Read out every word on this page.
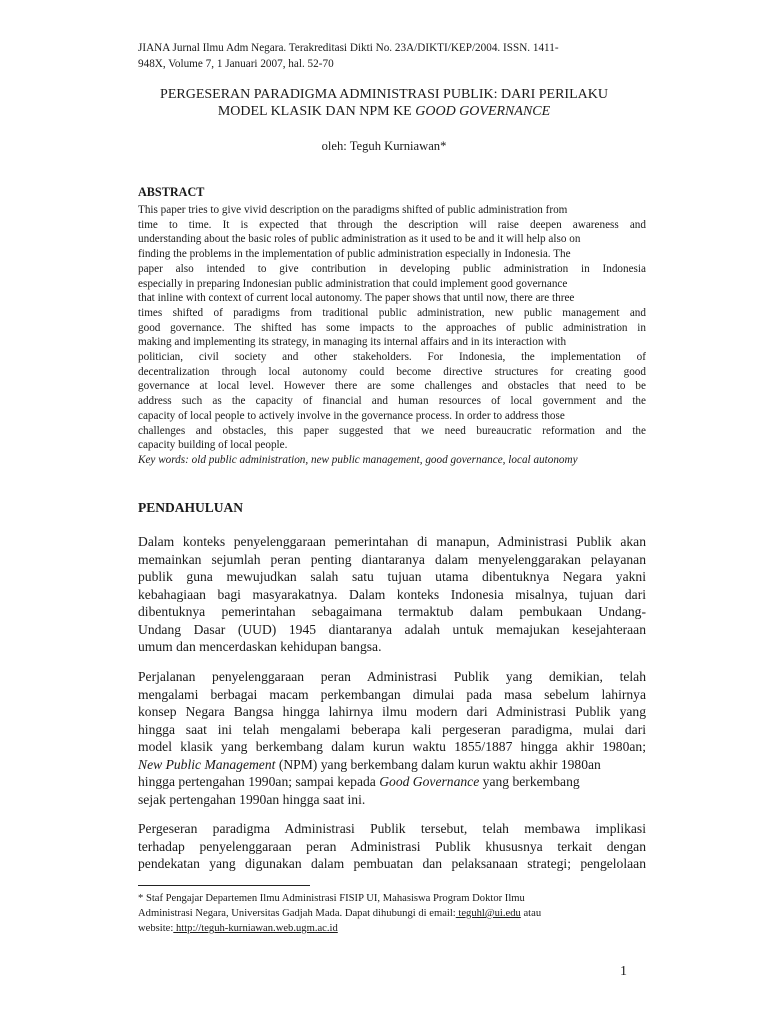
JIANA Jurnal Ilmu Adm Negara. Terakreditasi Dikti No. 23A/DIKTI/KEP/2004. ISSN. 1411-
948X, Volume 7, 1 Januari 2007, hal. 52-70
PERGESERAN PARADIGMA ADMINISTRASI PUBLIK: DARI PERILAKU
MODEL KLASIK DAN NPM KE GOOD GOVERNANCE
oleh: Teguh Kurniawan*
ABSTRACT
This paper tries to give vivid description on the paradigms shifted of public administration from
time to time. It is expected that through the description will raise deepen awareness and
understanding about the basic roles of public administration as it used to be and it will help also on
finding the problems in the implementation of public administration especially in Indonesia. The
paper also intended to give contribution in developing public administration in Indonesia
especially in preparing Indonesian public administration that could implement good governance
that inline with context of current local autonomy. The paper shows that until now, there are three
times shifted of paradigms from traditional public administration, new public management and
good governance. The shifted has some impacts to the approaches of public administration in
making and implementing its strategy, in managing its internal affairs and in its interaction with
politician, civil society and other stakeholders. For Indonesia, the implementation of
decentralization through local autonomy could become directive structures for creating good
governance at local level. However there are some challenges and obstacles that need to be
address such as the capacity of financial and human resources of local government and the
capacity of local people to actively involve in the governance process. In order to address those
challenges and obstacles, this paper suggested that we need bureaucratic reformation and the
capacity building of local people.
Key words: old public administration, new public management, good governance, local autonomy
PENDAHULUAN
Dalam konteks penyelenggaraan pemerintahan di manapun, Administrasi Publik akan
memainkan sejumlah peran penting diantaranya dalam menyelenggarakan pelayanan
publik guna mewujudkan salah satu tujuan utama dibentuknya Negara yakni
kebahagiaan bagi masyarakatnya. Dalam konteks Indonesia misalnya, tujuan dari
dibentuknya pemerintahan sebagaimana termaktub dalam pembukaan Undang-
Undang Dasar (UUD) 1945 diantaranya adalah untuk memajukan kesejahteraan
umum dan mencerdaskan kehidupan bangsa.
Perjalanan penyelenggaraan peran Administrasi Publik yang demikian, telah
mengalami berbagai macam perkembangan dimulai pada masa sebelum lahirnya
konsep Negara Bangsa hingga lahirnya ilmu modern dari Administrasi Publik yang
hingga saat ini telah mengalami beberapa kali pergeseran paradigma, mulai dari
model klasik yang berkembang dalam kurun waktu 1855/1887 hingga akhir 1980an;
New Public Management (NPM) yang berkembang dalam kurun waktu akhir 1980an
hingga pertengahan 1990an; sampai kepada Good Governance yang berkembang
sejak pertengahan 1990an hingga saat ini.
Pergeseran paradigma Administrasi Publik tersebut, telah membawa implikasi
terhadap penyelenggaraan peran Administrasi Publik khususnya terkait dengan
pendekatan yang digunakan dalam pembuatan dan pelaksanaan strategi; pengelolaan
* Staf Pengajar Departemen Ilmu Administrasi FISIP UI, Mahasiswa Program Doktor Ilmu
Administrasi Negara, Universitas Gadjah Mada. Dapat dihubungi di email: teguhl@ui.edu atau
website: http://teguh-kurniawan.web.ugm.ac.id
1
